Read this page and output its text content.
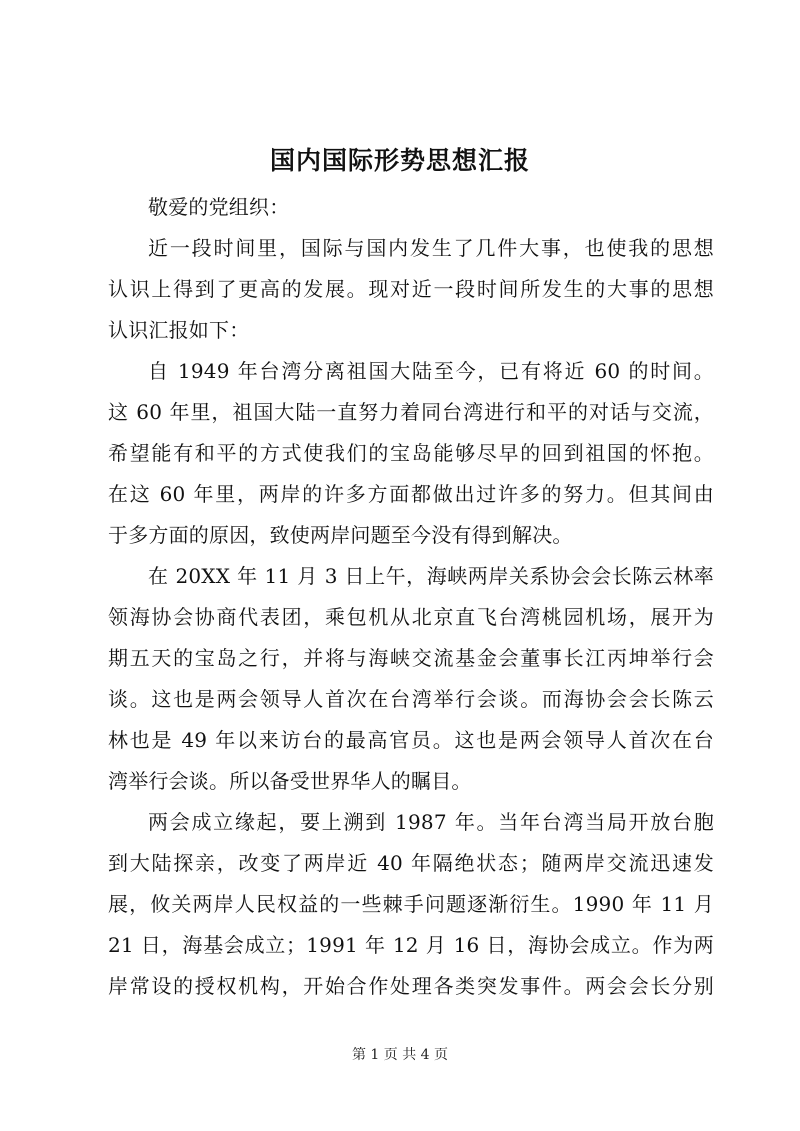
国内国际形势思想汇报
敬爱的党组织：
近一段时间里，国际与国内发生了几件大事，也使我的思想
认识上得到了更高的发展。现对近一段时间所发生的大事的思想
认识汇报如下：
自 1949 年台湾分离祖国大陆至今，已有将近 60 的时间。
这 60 年里，祖国大陆一直努力着同台湾进行和平的对话与交流，
希望能有和平的方式使我们的宝岛能够尽早的回到祖国的怀抱。
在这 60 年里，两岸的许多方面都做出过许多的努力。但其间由
于多方面的原因，致使两岸问题至今没有得到解决。
在 20XX 年 11 月 3 日上午，海峡两岸关系协会会长陈云林率
领海协会协商代表团，乘包机从北京直飞台湾桃园机场，展开为
期五天的宝岛之行，并将与海峡交流基金会董事长江丙坤举行会
谈。这也是两会领导人首次在台湾举行会谈。而海协会会长陈云
林也是 49 年以来访台的最高官员。这也是两会领导人首次在台
湾举行会谈。所以备受世界华人的瞩目。
两会成立缘起，要上溯到 1987 年。当年台湾当局开放台胞
到大陆探亲，改变了两岸近 40 年隔绝状态；随两岸交流迅速发
展，攸关两岸人民权益的一些棘手问题逐渐衍生。1990 年 11 月
21 日，海基会成立；1991 年 12 月 16 日，海协会成立。作为两
岸常设的授权机构，开始合作处理各类突发事件。两会会长分别
第 1 页 共 4 页
